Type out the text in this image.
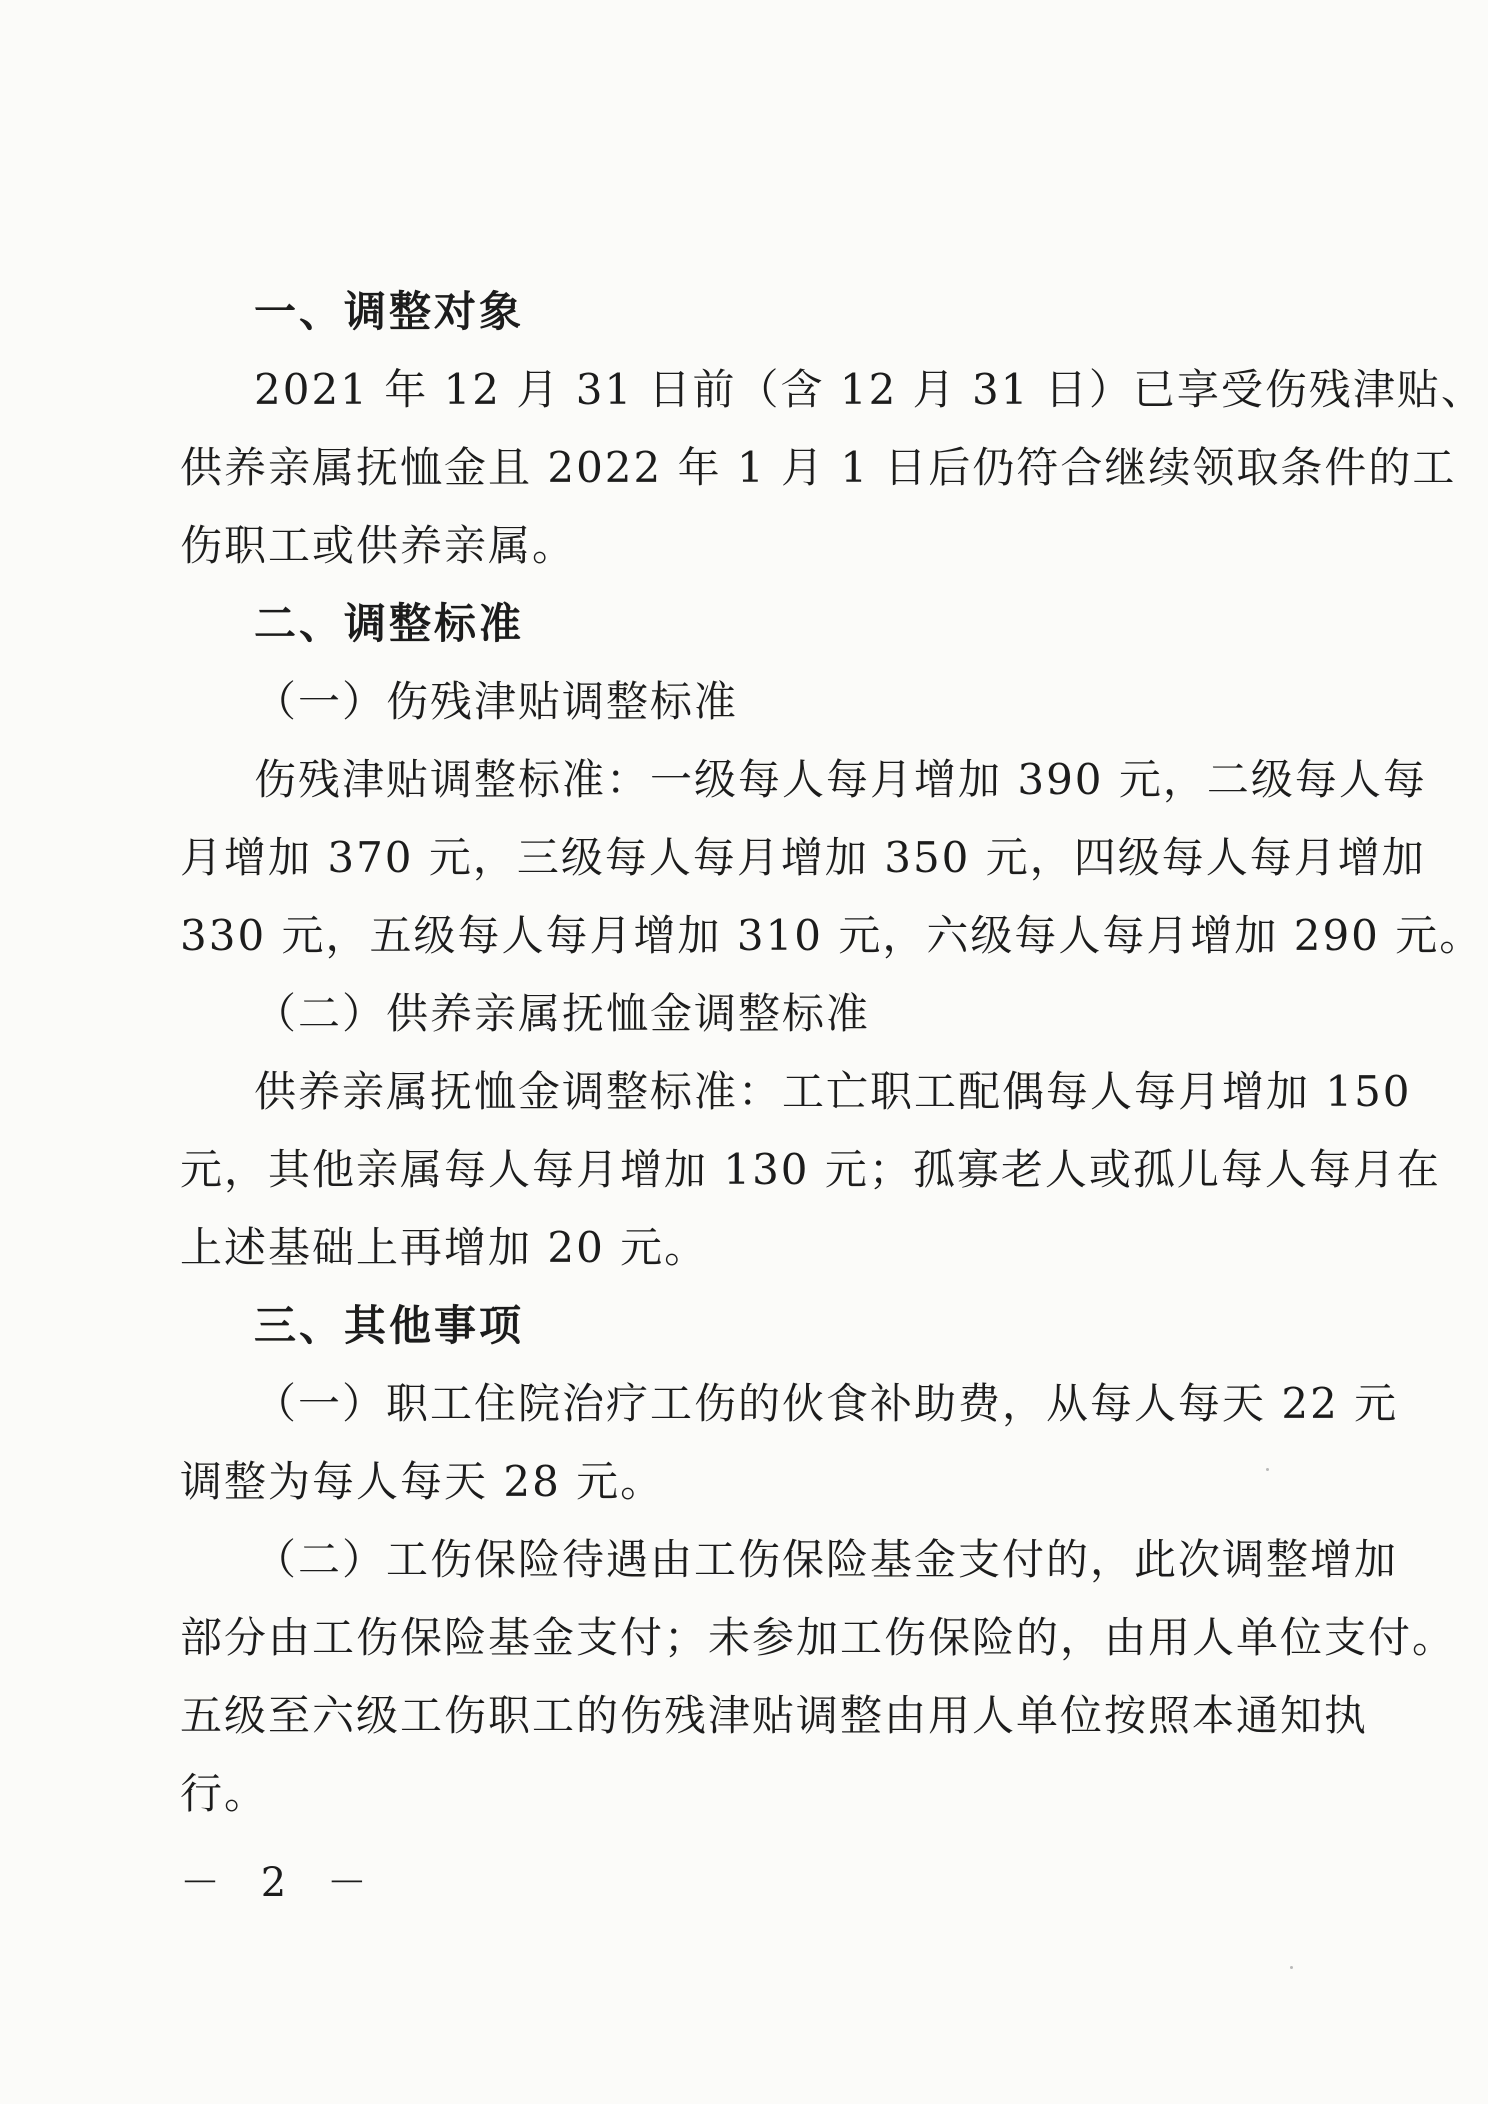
一、调整对象
2021 年 12 月 31 日前（含 12 月 31 日）已享受伤残津贴、
供养亲属抚恤金且 2022 年 1 月 1 日后仍符合继续领取条件的工
伤职工或供养亲属。
二、调整标准
（一）伤残津贴调整标准
伤残津贴调整标准：一级每人每月增加 390 元，二级每人每
月增加 370 元，三级每人每月增加 350 元，四级每人每月增加
330 元，五级每人每月增加 310 元，六级每人每月增加 290 元。
（二）供养亲属抚恤金调整标准
供养亲属抚恤金调整标准：工亡职工配偶每人每月增加 150
元，其他亲属每人每月增加 130 元；孤寡老人或孤儿每人每月在
上述基础上再增加 20 元。
三、其他事项
（一）职工住院治疗工伤的伙食补助费，从每人每天 22 元
调整为每人每天 28 元。
（二）工伤保险待遇由工伤保险基金支付的，此次调整增加
部分由工伤保险基金支付；未参加工伤保险的，由用人单位支付。
五级至六级工伤职工的伤残津贴调整由用人单位按照本通知执
行。
－ 2 －
